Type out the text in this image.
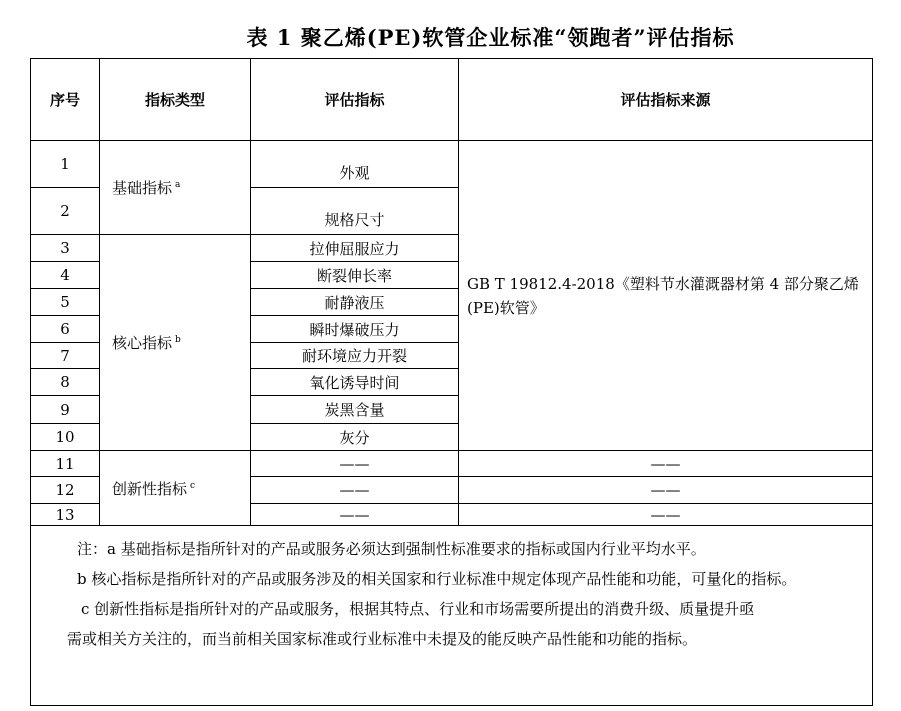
表 1 聚乙烯(PE)软管企业标准“领跑者”评估指标
序号	指标类型	评估指标	评估指标来源
1	基础指标 $^a$	外观	GB T 19812.4-2018《塑料节水灌溉器材第 4 部分聚乙烯(PE)软管》
2		规格尺寸	
3	核心指标 $^b$	拉伸屈服应力	
4		断裂伸长率	
5		耐静液压	
6		瞬时爆破压力	
7		耐环境应力开裂	
8		氧化诱导时间	
9		炭黑含量	
10		灰分	
11	创新性指标 $^c$	——	——
12		——	——
13		——	——

注：a 基础指标是指所针对的产品或服务必须达到强制性标准要求的指标或国内行业平均水平。

b 核心指标是指所针对的产品或服务涉及的相关国家和行业标准中规定体现产品性能和功能，可量化的指标。

c 创新性指标是指所针对的产品或服务，根据其特点、行业和市场需要所提出的消费升级、质量提升亟

需或相关方关注的，而当前相关国家标准或行业标准中未提及的能反映产品性能和功能的指标。			
